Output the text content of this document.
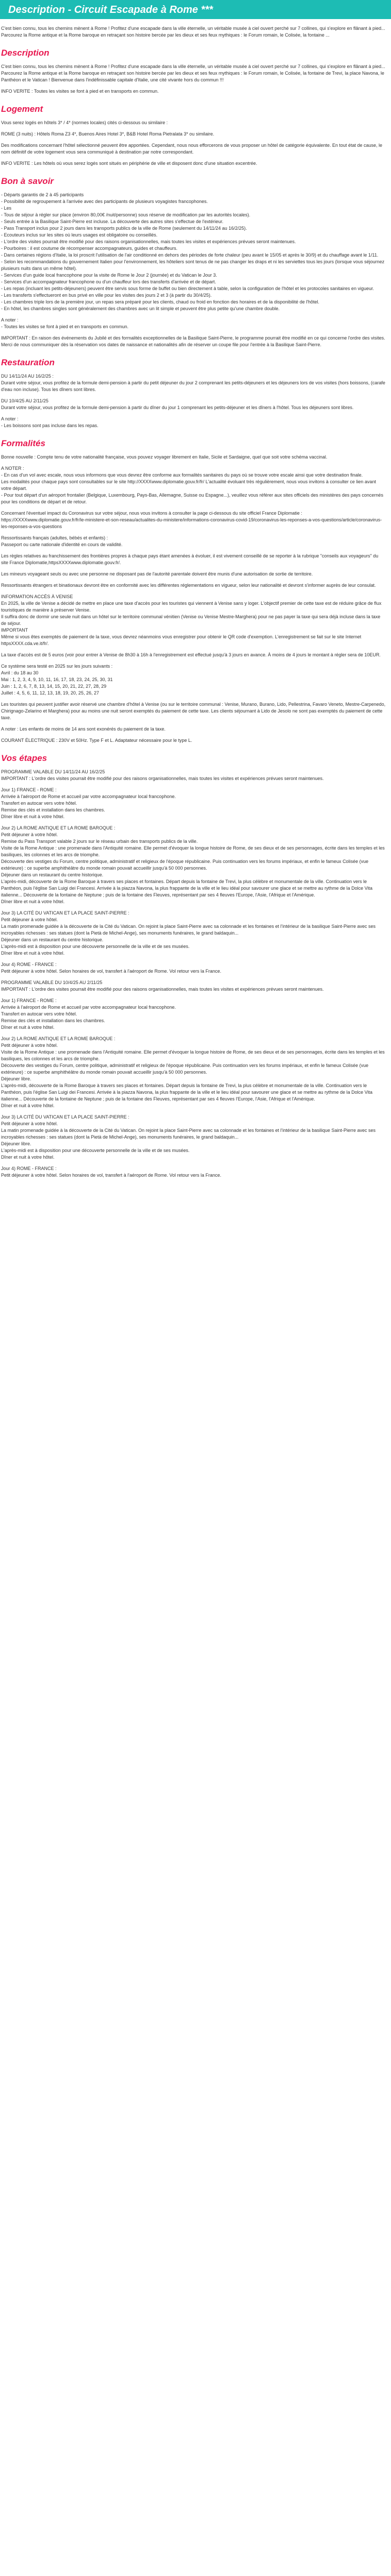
Description - Circuit Escapade à Rome ***

C'est bien connu, tous les chemins mènent à Rome ! Profitez d'une escapade dans la ville éternelle, un véritable musée à ciel ouvert perché sur 7 collines, qui s'explore en flânant à pied... Parcourez la Rome antique et la Rome baroque en retraçant son histoire bercée par les dieux et ses feux mythiques : le Forum romain, le Colisée, la fontaine ...

Description

C'est bien connu, tous les chemins mènent à Rome ! Profitez d'une escapade dans la ville éternelle, un véritable musée à ciel ouvert perché sur 7 collines, qui s'explore en flânant à pied... Parcourez la Rome antique et la Rome baroque en retraçant son histoire bercée par les dieux et ses feux mythiques : le Forum romain, le Colisée, la fontaine de Trevi, la place Navona, le Panthéon et le Vatican ! Bienvenue dans l'indéfinissable capitale d'Italie, une cité vivante hors du commun !!!

INFO VERITE : Toutes les visites se font à pied et en transports en commun.

Logement

Vous serez logés en hôtels 3* / 4* (normes locales) cités ci-dessous ou similaire :

ROME (3 nuits) : Hôtels Roma Z3 4*, Buenos Aires Hotel 3*, B&B Hotel Roma Pietralata 3* ou similaire.

Des modifications concernant l'hôtel sélectionné peuvent être apportées. Cependant, nous nous efforcerons de vous proposer un hôtel de catégorie équivalente. En tout état de cause, le nom définitif de votre logement vous sera communiqué à destination par notre correspondant.

INFO VERITE : Les hôtels où vous serez logés sont situés en périphérie de ville et disposent donc d'une situation excentrée.

Bon à savoir

- Départs garantis de 2 à 45 participants
- Possibilité de regroupement à l'arrivée avec des participants de plusieurs voyagistes francophones.
- Les
- Tous de séjour à régler sur place (environ 80,00€ /nuit/personne) sous réserve de modification par les autorités locales).
- Seuls entrée à la Basilique Saint-Pierre est incluse. La découverte des autres sites s'effectue de l'extérieur.
- Pass Transport inclus pour 2 jours dans les transports publics de la ville de Rome (seulement du 14/11/24 au 16/2/25).
- Ecouteurs inclus sur les sites où leurs usages est obligatoire ou conseillés.
- L'ordre des visites pourrait être modifié pour des raisons organisationnelles, mais toutes les visites et expériences prévues seront maintenues.
- Pourboires : il est coutume de récompenser accompagnateurs, guides et chauffeurs.
- Dans certaines régions d'Italie, la loi proscrit l'utilisation de l'air conditionné en dehors des périodes de forte chaleur (peu avant le 15/05 et après le 30/9) et du chauffage avant le 1/11.
- Selon les recommandations du gouvernement Italien pour l'environnement, les hôteliers sont tenus de ne pas changer les draps et ni les serviettes tous les jours (lorsque vous séjournez plusieurs nuits dans un même hôtel).
- Services d'un guide local francophone pour la visite de Rome le Jour 2 (journée) et du Vatican le Jour 3.
- Services d'un accompagnateur francophone ou d'un chauffeur lors des transferts d'arrivée et de départ.
- Les repas (incluant les petits-déjeuners) peuvent être servis sous forme de buffet ou bien directement à table, selon la configuration de l'hôtel et les protocoles sanitaires en vigueur.
- Les transferts s'effectueront en bus privé en ville pour les visites des jours 2 et 3 (à partir du 30/4/25).
- Les chambres triple lors de la première jour, un repas sera préparé pour les clients, chaud ou froid en fonction des horaires et de la disponibilité de l'hôtel.
- En hôtel, les chambres singles sont généralement des chambres avec un lit simple et peuvent être plus petite qu'une chambre double.

A noter :
- Toutes les visites se font à pied et en transports en commun.

IMPORTANT : En raison des événements du Jubilé et des formalités exceptionnelles de la Basilique Saint-Pierre, le programme pourrait être modifié en ce qui concerne l'ordre des visites. Merci de nous communiquer dès la réservation vos dates de naissance et nationalités afin de réserver un coupe file pour l'entrée à la Basilique Saint-Pierre.

Restauration

DU 14/11/24 AU 16/2/25 :
Durant votre séjour, vous profitez de la formule demi-pension à partir du petit déjeuner du jour 2 comprenant les petits-déjeuners et les déjeuners lors de vos visites (hors boissons, (carafe d'eau non incluse). Tous les dîners sont libres.

DU 10/4/25 AU 2/11/25
Durant votre séjour, vous profitez de la formule demi-pension à partir du dîner du jour 1 comprenant les petits-déjeuner et les dîners à l'hôtel. Tous les déjeuners sont libres.

A noter :
- Les boissons sont pas incluse dans les repas.

Formalités

Bonne nouvelle : Compte tenu de votre nationalité française, vous pouvez voyager librement en Italie, Sicile et Sardaigne, quel que soit votre schéma vaccinal.

A NOTER :
- En cas d'un vol avec escale, nous vous informons que vous devrez être conforme aux formalités sanitaires du pays où se trouve votre escale ainsi que votre destination finale.
Les modalités pour chaque pays sont consultables sur le site http://XXXXwww.diplomatie.gouv.fr/fr/ L'actualité évoluant très régulièrement, nous vous invitons à consulter ce lien avant votre départ.
- Pour tout départ d'un aéroport frontalier (Belgique, Luxembourg, Pays-Bas, Allemagne, Suisse ou Espagne...), veuillez vous référer aux sites officiels des ministères des pays concernés pour les conditions de départ et de retour.

Concernant l'éventuel impact du Coronavirus sur votre séjour, nous vous invitons à consulter la page ci-dessous du site officiel France Diplomatie :
https://XXXXwww.diplomatie.gouv.fr/fr/le-ministere-et-son-reseau/actualites-du-ministere/informations-coronavirus-covid-19/coronavirus-les-reponses-a-vos-questions/article/coronavirus-les-reponses-a-vos-questions

Ressortissants français (adultes, bébés et enfants) :
Passeport ou carte nationale d'identité en cours de validité.

Les règles relatives au franchissement des frontières propres à chaque pays étant amenées à évoluer, il est vivement conseillé de se reporter à la rubrique "conseils aux voyageurs" du site France Diplomatie,httpsXXXXwww.diplomatie.gouv.fr/.

Les mineurs voyageant seuls ou avec une personne ne disposant pas de l'autorité parentale doivent être munis d'une autorisation de sortie de territoire.

Ressortissants étrangers et binationaux devront être en conformité avec les différentes réglementations en vigueur, selon leur nationalité et devront s'informer auprès de leur consulat.

INFORMATION ACCÈS À VENISE
En 2025, la ville de Venise a décidé de mettre en place une taxe d'accès pour les touristes qui viennent à Venise sans y loger. L'objectif premier de cette taxe est de réduire grâce de flux touristiques de manière à préserver Venise.
Il suffira donc de dormir une seule nuit dans un hôtel sur le territoire communal vénitien (Venise ou Venise Mestre-Marghera) pour ne pas payer la taxe qui sera déjà incluse dans la taxe de séjour.
IMPORTANT
Même si vous êtes exemptés de paiement de la taxe, vous devrez néanmoins vous enregistrer pour obtenir le QR code d'exemption. L'enregistrement se fait sur le site Internet httpsXXXX.cda.ve.it/fr/.

La taxe d'accès est de 5 euros (voir pour entrer à Venise de 8h30 à 16h à l'enregistrement est effectué jusqu'à 3 jours en avance. À moins de 4 jours le montant à régler sera de 10EUR.

Ce système sera testé en 2025 sur les jours suivants :
Avril : du 18 au 30
Mai : 1, 2, 3, 4, 9, 10, 11, 16, 17, 18, 23, 24, 25, 30, 31
Juin : 1, 2, 6, 7, 8, 13, 14, 15, 20, 21, 22, 27, 28, 29
Juillet : 4, 5, 6, 11, 12, 13, 18, 19, 20, 25, 26, 27

Les touristes qui peuvent justifier avoir réservé une chambre d'hôtel à Venise (ou sur le territoire communal : Venise, Murano, Burano, Lido, Pellestrina, Favaro Veneto, Mestre-Carpenedo, Chirignago-Zelarino et Marghera) pour au moins une nuit seront exemptés du paiement de cette taxe. Les clients séjournant à Lido de Jesolo ne sont pas exemptés du paiement de cette taxe.

A noter : Les enfants de moins de 14 ans sont exonérés du paiement de la taxe.

COURANT ÉLECTRIQUE : 230V et 50Hz. Type F et L. Adaptateur nécessaire pour le type L.

Vos étapes

PROGRAMME VALABLE DU 14/11/24 AU 16/2/25
IMPORTANT : L'ordre des visites pourrait être modifié pour des raisons organisationnelles, mais toutes les visites et expériences prévues seront maintenues.

Jour 1) FRANCE - ROME :
Arrivée à l'aéroport de Rome et accueil par votre accompagnateur local francophone.
Transfert en autocar vers votre hôtel.
Remise des clés et installation dans les chambres.
Dîner libre et nuit à votre hôtel.

Jour 2) LA ROME ANTIQUE ET LA ROME BAROQUE :
Petit déjeuner à votre hôtel.
Remise du Pass Transport valable 2 jours sur le réseau urbain des transports publics de la ville.
Visite de la Rome Antique : une promenade dans l'Antiquité romaine. Elle permet d'évoquer la longue histoire de Rome, de ses dieux et de ses personnages, écrite dans les temples et les basiliques, les colonnes et les arcs de triomphe.
Découverte des vestiges du Forum, centre politique, administratif et religieux de l'époque républicaine. Puis continuation vers les forums impériaux, et enfin le fameux Colisée (vue extérieure) : ce superbe amphithéâtre du monde romain pouvait accueillir jusqu'à 50 000 personnes.
Déjeuner dans un restaurant du centre historique.
L'après-midi, découverte de la Rome Baroque à travers ses places et fontaines. Départ depuis la fontaine de Trevi, la plus célèbre et monumentale de la ville. Continuation vers le Panthéon, puis l'église San Luigi dei Francesi. Arrivée à la piazza Navona, la plus frappante de la ville et le lieu idéal pour savourer une glace et se mettre au rythme de la Dolce Vita italienne... Découverte de la fontaine de Neptune ; puis de la fontaine des Fleuves, représentant par ses 4 fleuves l'Europe, l'Asie, l'Afrique et l'Amérique.
Dîner libre et nuit à votre hôtel.

Jour 3) LA CITÉ DU VATICAN ET LA PLACE SAINT-PIERRE :
Petit déjeuner à votre hôtel.
La matin promenade guidée à la découverte de la Cité du Vatican. On rejoint la place Saint-Pierre avec sa colonnade et les fontaines et l'intérieur de la basilique Saint-Pierre avec ses incroyables richesses : ses statues (dont la Pietà de Michel-Ange), ses monuments funéraires, le grand baldaquin...
Déjeuner dans un restaurant du centre historique.
L'après-midi est à disposition pour une découverte personnelle de la ville et de ses musées.
Dîner libre et nuit à votre hôtel.

Jour 4) ROME - FRANCE :
Petit déjeuner à votre hôtel. Selon horaires de vol, transfert à l'aéroport de Rome. Vol retour vers la France.

PROGRAMME VALABLE DU 10/4/25 AU 2/11/25
IMPORTANT : L'ordre des visites pourrait être modifié pour des raisons organisationnelles, mais toutes les visites et expériences prévues seront maintenues.

Jour 1) FRANCE - ROME :
Arrivée à l'aéroport de Rome et accueil par votre accompagnateur local francophone.
Transfert en autocar vers votre hôtel.
Remise des clés et installation dans les chambres.
Dîner et nuit à votre hôtel.

Jour 2) LA ROME ANTIQUE ET LA ROME BAROQUE :
Petit déjeuner à votre hôtel.
Visite de la Rome Antique : une promenade dans l'Antiquité romaine. Elle permet d'évoquer la longue histoire de Rome, de ses dieux et de ses personnages, écrite dans les temples et les basiliques, les colonnes et les arcs de triomphe.
Découverte des vestiges du Forum, centre politique, administratif et religieux de l'époque républicaine. Puis continuation vers les forums impériaux, et enfin le fameux Colisée (vue extérieure) : ce superbe amphithéâtre du monde romain pouvait accueillir jusqu'à 50 000 personnes.
Déjeuner libre.
L'après-midi, découverte de la Rome Baroque à travers ses places et fontaines. Départ depuis la fontaine de Trevi, la plus célèbre et monumentale de la ville. Continuation vers le Panthéon, puis l'église San Luigi dei Francesi. Arrivée à la piazza Navona, la plus frappante de la ville et le lieu idéal pour savourer une glace et se mettre au rythme de la Dolce Vita italienne... Découverte de la fontaine de Neptune ; puis de la fontaine des Fleuves, représentant par ses 4 fleuves l'Europe, l'Asie, l'Afrique et l'Amérique.
Dîner et nuit à votre hôtel.

Jour 3) LA CITÉ DU VATICAN ET LA PLACE SAINT-PIERRE :
Petit déjeuner à votre hôtel.
La matin promenade guidée à la découverte de la Cité du Vatican. On rejoint la place Saint-Pierre avec sa colonnade et les fontaines et l'intérieur de la basilique Saint-Pierre avec ses incroyables richesses : ses statues (dont la Pietà de Michel-Ange), ses monuments funéraires, le grand baldaquin...
Déjeuner libre.
L'après-midi est à disposition pour une découverte personnelle de la ville et de ses musées.
Dîner et nuit à votre hôtel.

Jour 4) ROME - FRANCE :
Petit déjeuner à votre hôtel. Selon horaires de vol, transfert à l'aéroport de Rome. Vol retour vers la France.
